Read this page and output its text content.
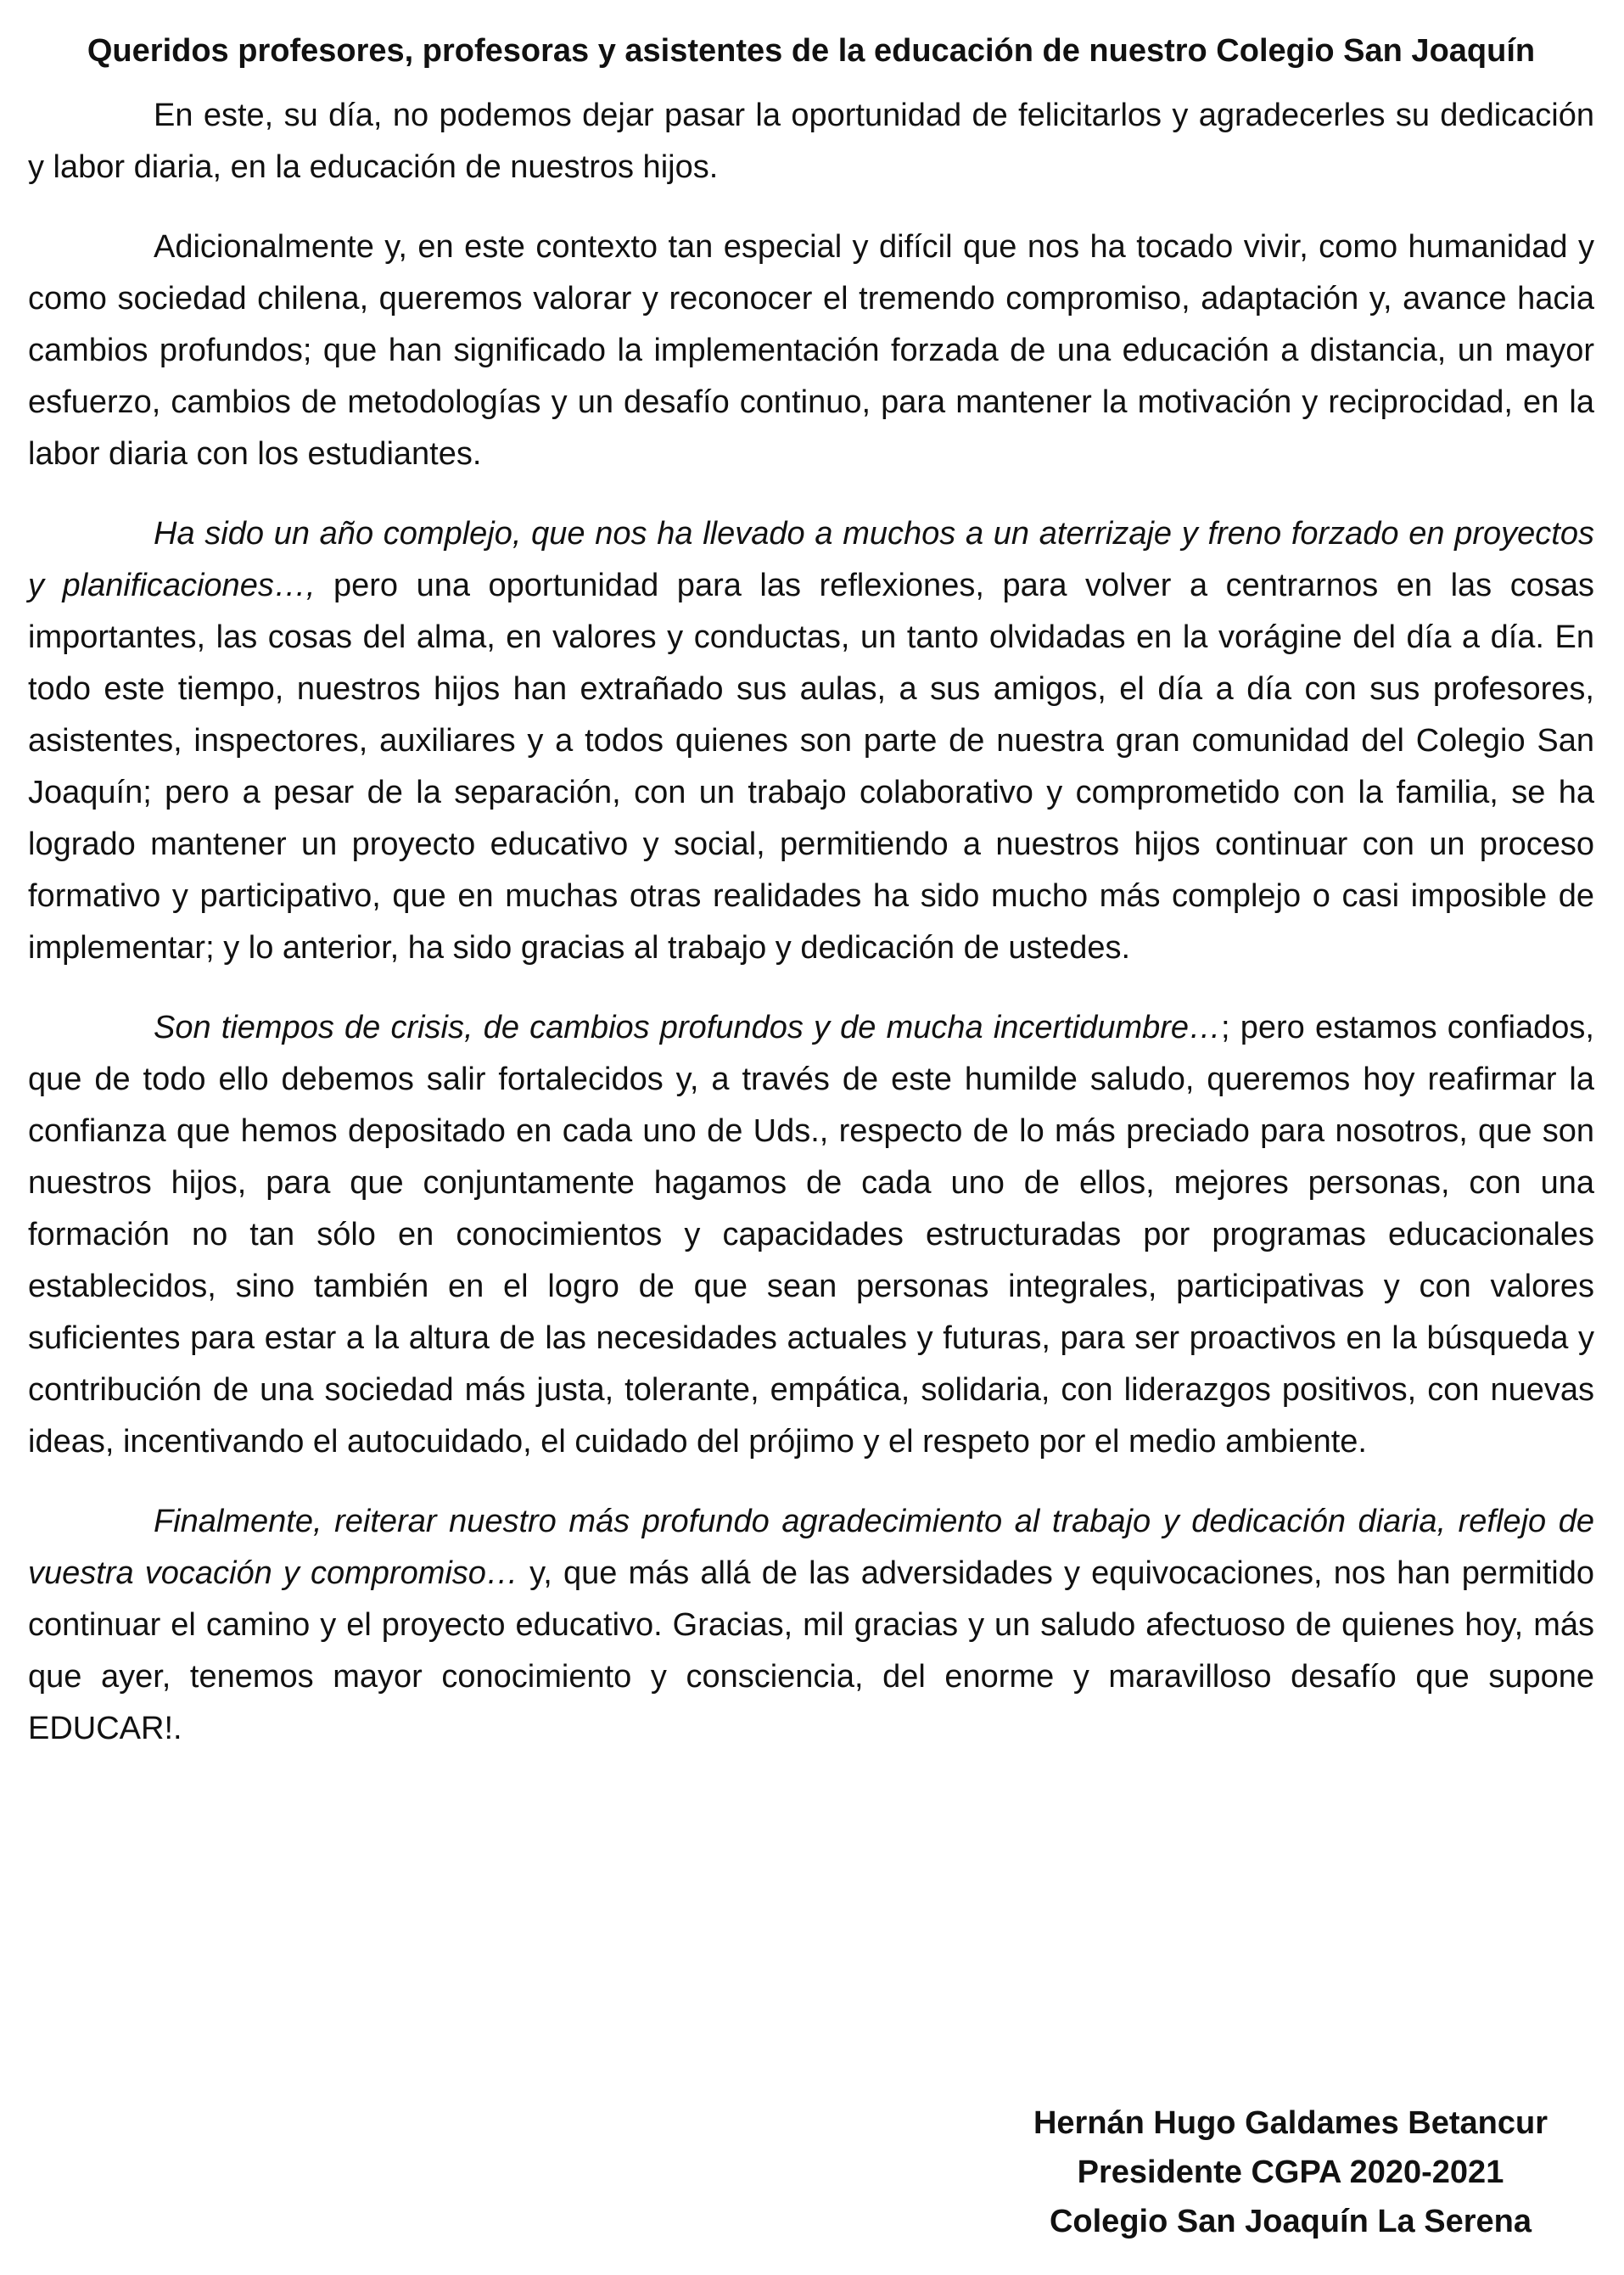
Queridos profesores, profesoras y asistentes de la educación de nuestro Colegio San Joaquín

En este, su día, no podemos dejar pasar la oportunidad de felicitarlos y agradecerles su dedicación y labor diaria, en la educación de nuestros hijos.

Adicionalmente y, en este contexto tan especial y difícil que nos ha tocado vivir, como humanidad y como sociedad chilena, queremos valorar y reconocer el tremendo compromiso, adaptación y, avance hacia cambios profundos; que han significado la implementación forzada de una educación a distancia, un mayor esfuerzo, cambios de metodologías y un desafío continuo, para mantener la motivación y reciprocidad, en la labor diaria con los estudiantes.

Ha sido un año complejo, que nos ha llevado a muchos a un aterrizaje y freno forzado en proyectos y planificaciones…, pero una oportunidad para las reflexiones, para volver a centrarnos en las cosas importantes, las cosas del alma, en valores y conductas, un tanto olvidadas en la vorágine del día a día. En todo este tiempo, nuestros hijos han extrañado sus aulas, a sus amigos, el día a día con sus profesores, asistentes, inspectores, auxiliares y a todos quienes son parte de nuestra gran comunidad del Colegio San Joaquín; pero a pesar de la separación, con un trabajo colaborativo y comprometido con la familia, se ha logrado mantener un proyecto educativo y social, permitiendo a nuestros hijos continuar con un proceso formativo y participativo, que en muchas otras realidades ha sido mucho más complejo o casi imposible de implementar; y lo anterior, ha sido gracias al trabajo y dedicación de ustedes.

Son tiempos de crisis, de cambios profundos y de mucha incertidumbre…; pero estamos confiados, que de todo ello debemos salir fortalecidos y, a través de este humilde saludo, queremos hoy reafirmar la confianza que hemos depositado en cada uno de Uds., respecto de lo más preciado para nosotros, que son nuestros hijos, para que conjuntamente hagamos de cada uno de ellos, mejores personas, con una formación no tan sólo en conocimientos y capacidades estructuradas por programas educacionales establecidos, sino también en el logro de que sean personas integrales, participativas y con valores suficientes para estar a la altura de las necesidades actuales y futuras, para ser proactivos en la búsqueda y contribución de una sociedad más justa, tolerante, empática, solidaria, con liderazgos positivos, con nuevas ideas, incentivando el autocuidado, el cuidado del prójimo y el respeto por el medio ambiente.

Finalmente, reiterar nuestro más profundo agradecimiento al trabajo y dedicación diaria, reflejo de vuestra vocación y compromiso… y, que más allá de las adversidades y equivocaciones, nos han permitido continuar el camino y el proyecto educativo. Gracias, mil gracias y un saludo afectuoso de quienes hoy, más que ayer, tenemos mayor conocimiento y consciencia, del enorme y maravilloso desafío que supone EDUCAR!.

Hernán Hugo Galdames Betancur
Presidente CGPA 2020-2021
Colegio San Joaquín La Serena
